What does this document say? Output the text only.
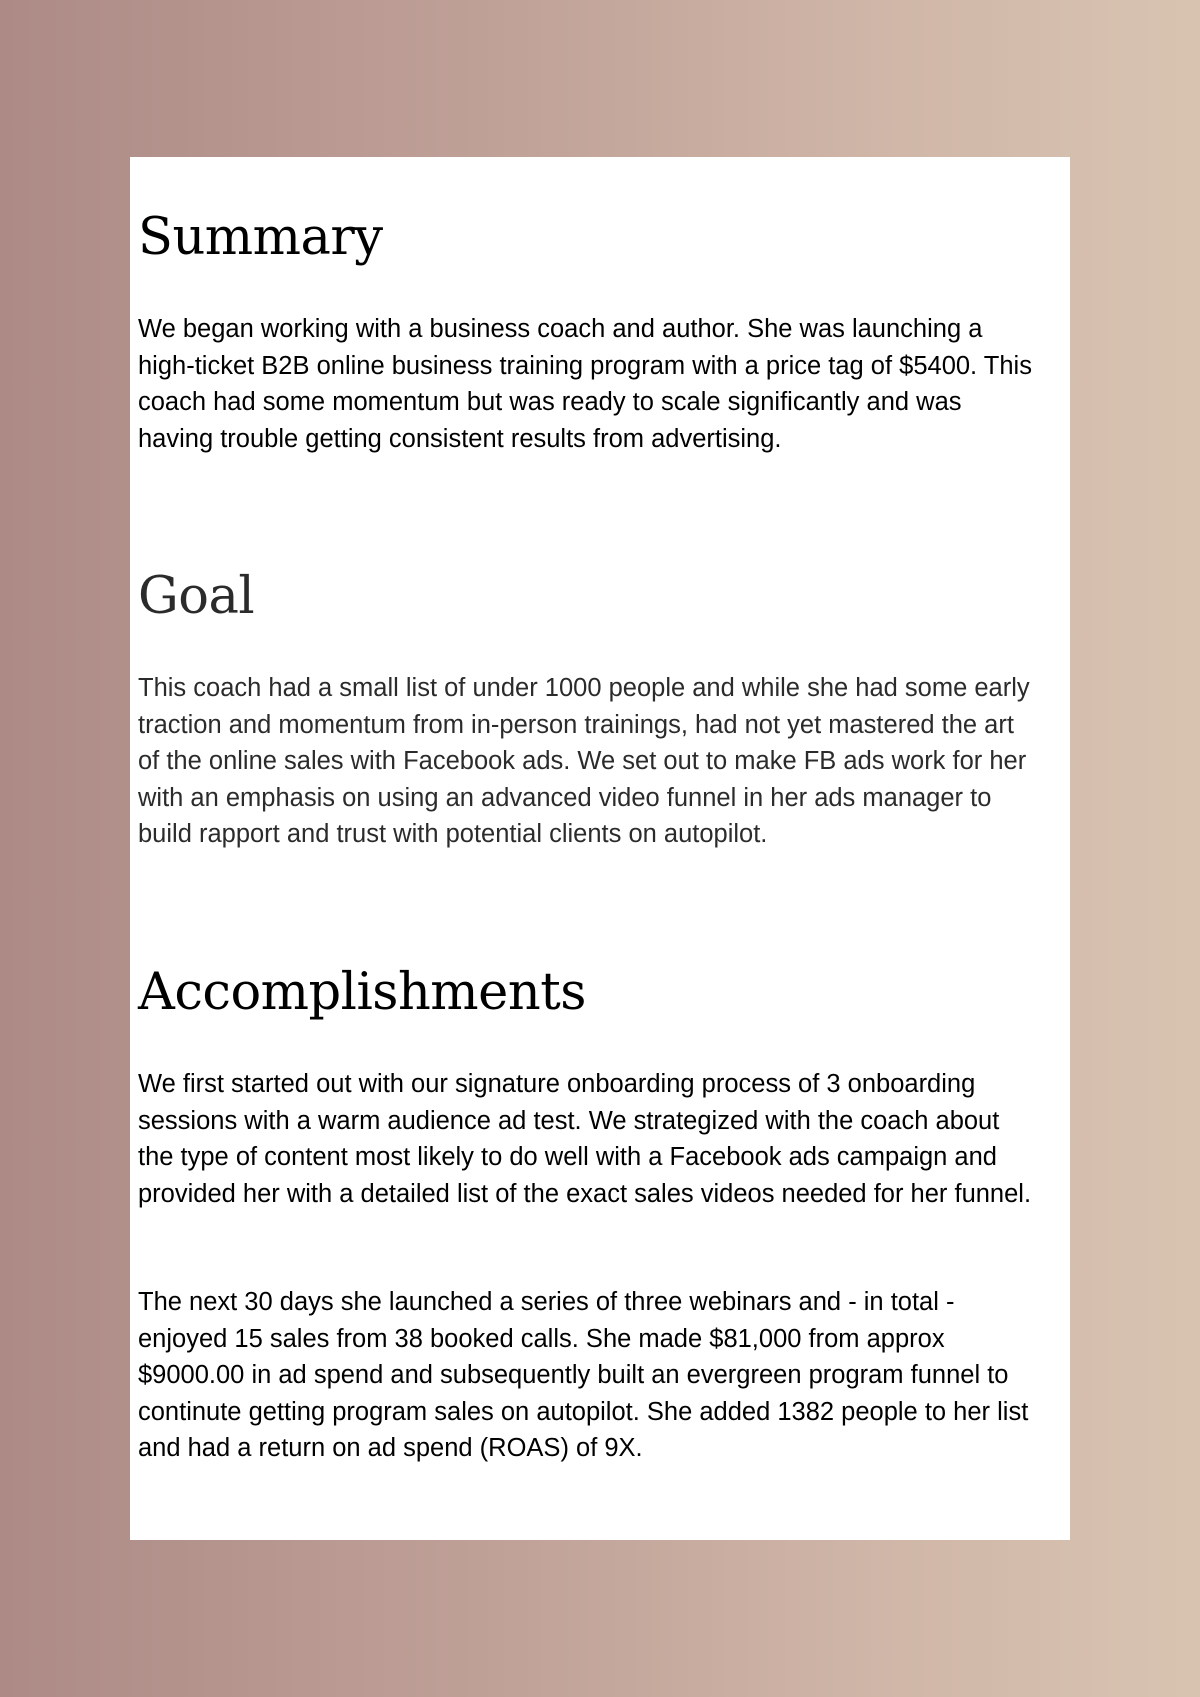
Summary

We began working with a business coach and author. She was launching a high-ticket B2B online business training program with a price tag of $5400. This coach had some momentum but was ready to scale significantly and was having trouble getting consistent results from advertising.

Goal

This coach had a small list of under 1000 people and while she had some early traction and momentum from in-person trainings, had not yet mastered the art of the online sales with Facebook ads. We set out to make FB ads work for her with an emphasis on using an advanced video funnel in her ads manager to build rapport and trust with potential clients on autopilot.

Accomplishments

We first started out with our signature onboarding process of 3 onboarding sessions with a warm audience ad test. We strategized with the coach about the type of content most likely to do well with a Facebook ads campaign and provided her with a detailed list of the exact sales videos needed for her funnel.

The next 30 days she launched a series of three webinars and - in total - enjoyed 15 sales from 38 booked calls. She made $81,000 from approx $9000.00 in ad spend and subsequently built an evergreen program funnel to continute getting program sales on autopilot. She added 1382 people to her list and had a return on ad spend (ROAS) of 9X.
